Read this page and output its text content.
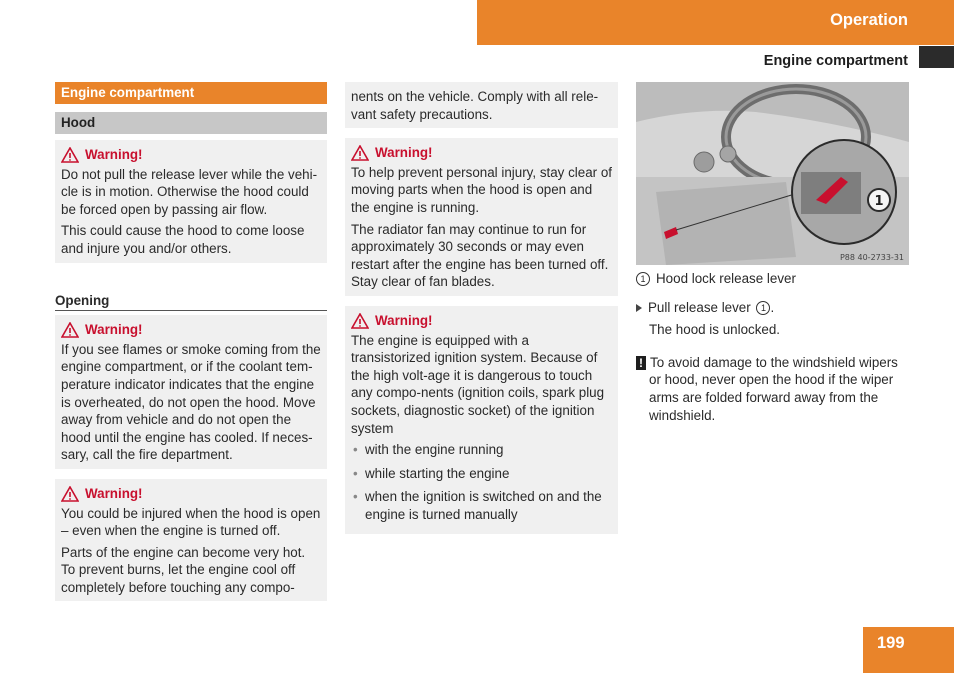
Operation
Engine compartment
Engine compartment
Hood
Warning!

Do not pull the release lever while the vehi-cle is in motion. Otherwise the hood could be forced open by passing air flow.

This could cause the hood to come loose and injure you and/or others.

Opening
Warning!

If you see flames or smoke coming from the engine compartment, or if the coolant tem-perature indicator indicates that the engine is overheated, do not open the hood. Move away from vehicle and do not open the hood until the engine has cooled. If neces-sary, call the fire department.

Warning!

You could be injured when the hood is open – even when the engine is turned off.

Parts of the engine can become very hot. To prevent burns, let the engine cool off completely before touching any compo-

nents on the vehicle. Comply with all rele-vant safety precautions.

Warning!

To help prevent personal injury, stay clear of moving parts when the hood is open and the engine is running.

The radiator fan may continue to run for approximately 30 seconds or may even restart after the engine has been turned off. Stay clear of fan blades.

Warning!

The engine is equipped with a transistorized ignition system. Because of the high volt-age it is dangerous to touch any compo-nents (ignition coils, spark plug sockets, diagnostic socket) of the ignition system

• with the engine running
• while starting the engine
• when the ignition is switched on and the engine is turned manually
1
P88 40-2733-31
1 Hood lock release lever
Pull release lever 1 .
The hood is unlocked.
! To avoid damage to the windshield wipers or hood, never open the hood if the wiper arms are folded forward away from the windshield.
199
